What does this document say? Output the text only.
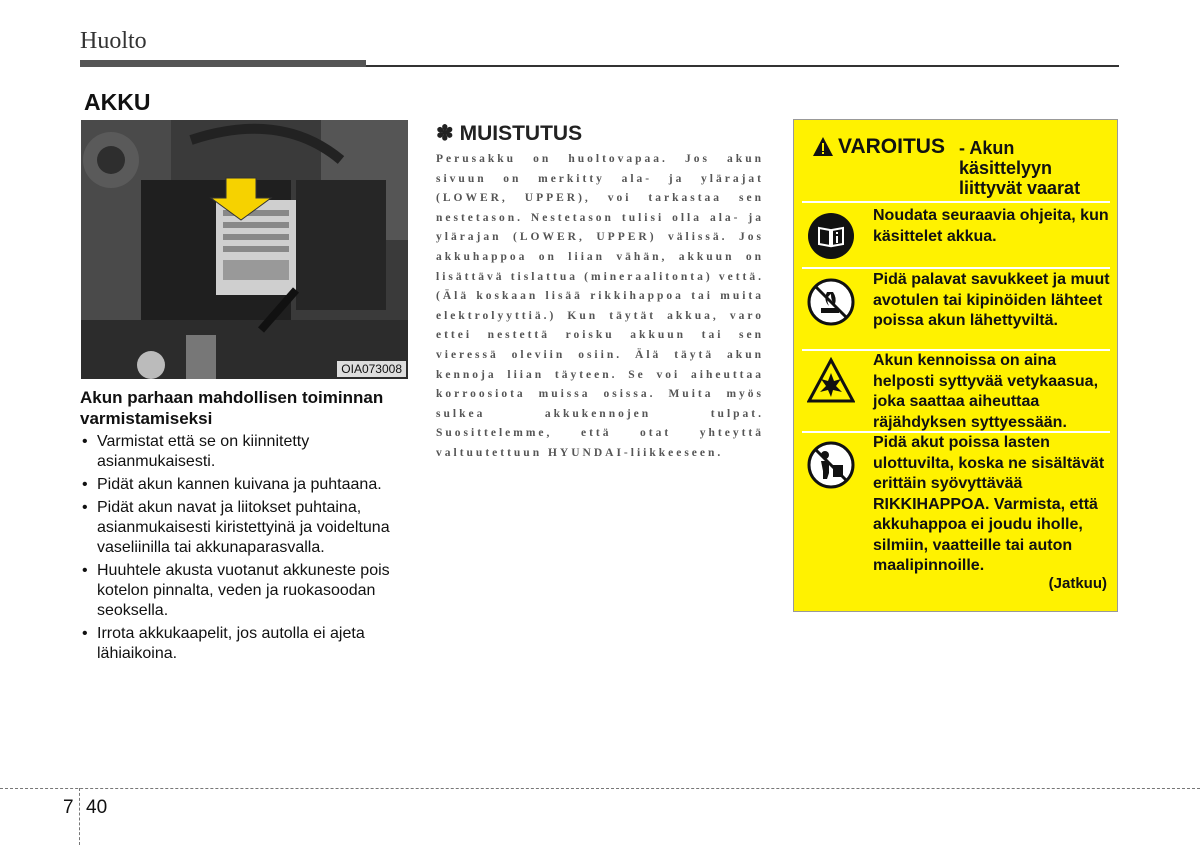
Huolto
AKKU
OIA073008
Akun parhaan mahdollisen toiminnan varmistamiseksi
• Varmistat että se on kiinnitetty asianmukaisesti.
• Pidät akun kannen kuivana ja puhtaana.
• Pidät akun navat ja liitokset puhtaina, asianmukaisesti kiristettyinä ja voideltuna vaseliinilla tai akkunaparasvalla.
• Huuhtele akusta vuotanut akkuneste pois kotelon pinnalta, veden ja ruokasoodan seoksella.
• Irrota akkukaapelit, jos autolla ei ajeta lähiaikoina.
✽ MUISTUTUS
Perusakku on huoltovapaa. Jos akun sivuun on merkitty ala- ja ylärajat (LOWER, UPPER), voi tarkastaa sen nestetason. Nestetason tulisi olla ala- ja ylärajan (LOWER, UPPER) välissä. Jos akkuhappoa on liian vähän, akkuun on lisättävä tislattua (mineraalitonta) vettä. (Älä koskaan lisää rikkihappoa tai muita elektrolyyttiä.) Kun täytät akkua, varo ettei nestettä roisku akkuun tai sen vieressä oleviin osiin. Älä täytä akun kennoja liian täyteen. Se voi aiheuttaa korroosiota muissa osissa. Muita myös sulkea akkukennojen tulpat. Suosittelemme, että otat yhteyttä valtuutettuun HYUNDAI-liikkeeseen.
VAROITUS - Akun käsittelyyn liittyvät vaarat
Noudata seuraavia ohjeita, kun käsittelet akkua.
Pidä palavat savukkeet ja muut avotulen tai kipinöiden lähteet poissa akun lähettyviltä.
Akun kennoissa on aina helposti syttyvää vetykaasua, joka saattaa aiheuttaa räjähdyksen syttyessään.
Pidä akut poissa lasten ulottuvilta, koska ne sisältävät erittäin syövyttävää RIKKIHAPPOA. Varmista, että akkuhappoa ei joudu iholle, silmiin, vaatteille tai auton maalipinnoille.
(Jatkuu)
7 40
